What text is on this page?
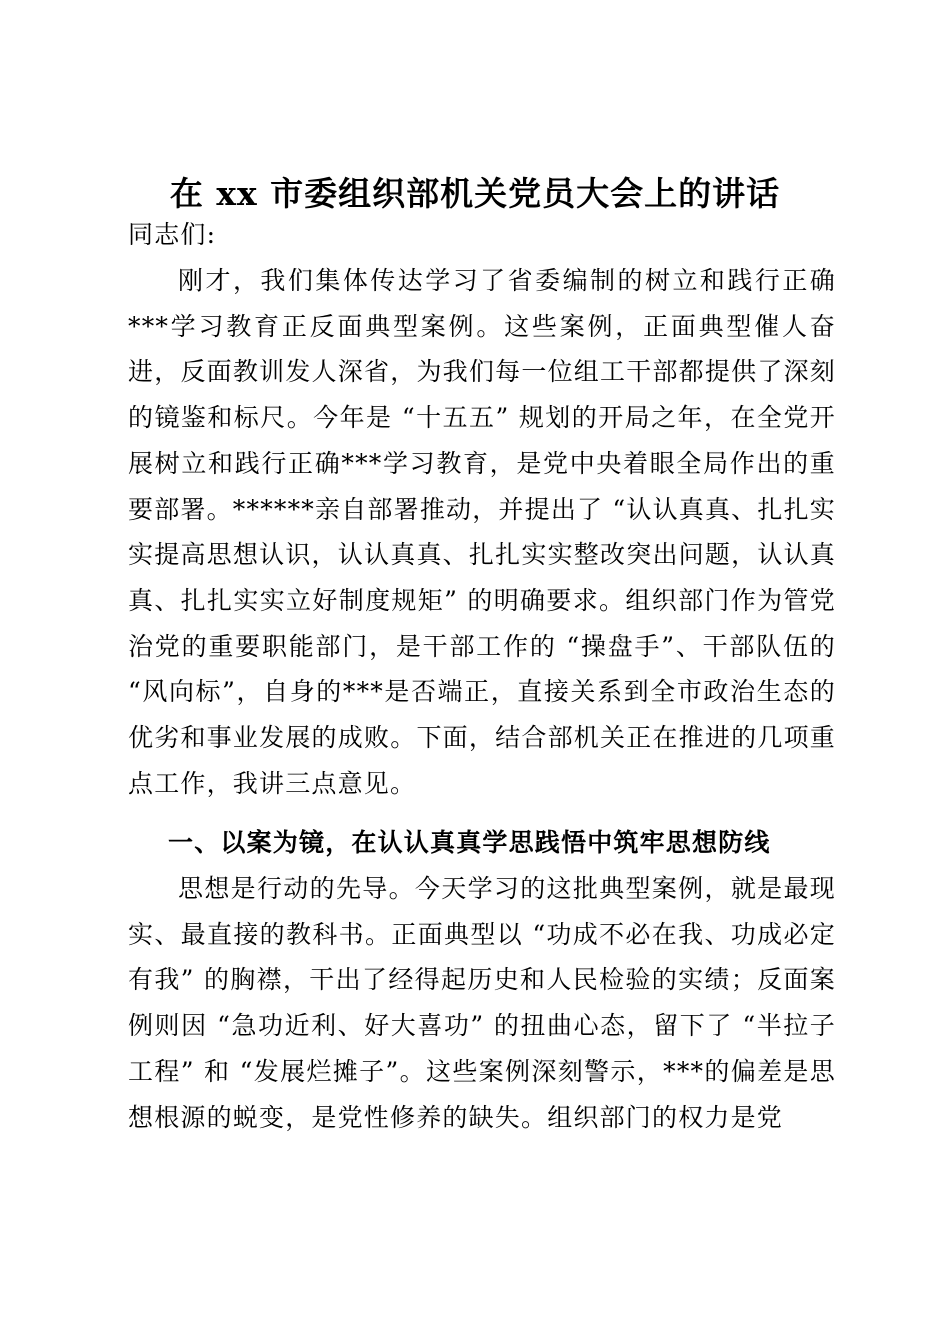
在 xx 市委组织部机关党员大会上的讲话

同志们:

刚才，我们集体传达学习了省委编制的树立和践行正确***学习教育正反面典型案例。这些案例，正面典型催人奋进，反面教训发人深省，为我们每一位组工干部都提供了深刻的镜鉴和标尺。今年是 “十五五” 规划的开局之年，在全党开展树立和践行正确***学习教育，是党中央着眼全局作出的重要部署。******亲自部署推动，并提出了 “认认真真、扎扎实实提高思想认识，认认真真、扎扎实实整改突出问题，认认真真、扎扎实实立好制度规矩” 的明确要求。组织部门作为管党治党的重要职能部门，是干部工作的 “操盘手”、干部队伍的 “风向标”，自身的***是否端正，直接关系到全市政治生态的优劣和事业发展的成败。下面，结合部机关正在推进的几项重点工作，我讲三点意见。

一、以案为镜，在认认真真学思践悟中筑牢思想防线

思想是行动的先导。今天学习的这批典型案例，就是最现实、最直接的教科书。正面典型以 “功成不必在我、功成必定有我” 的胸襟，干出了经得起历史和人民检验的实绩；反面案例则因 “急功近利、好大喜功” 的扭曲心态，留下了 “半拉子工程” 和 “发展烂摊子”。这些案例深刻警示，***的偏差是思想根源的蜕变，是党性修养的缺失。组织部门的权力是党
